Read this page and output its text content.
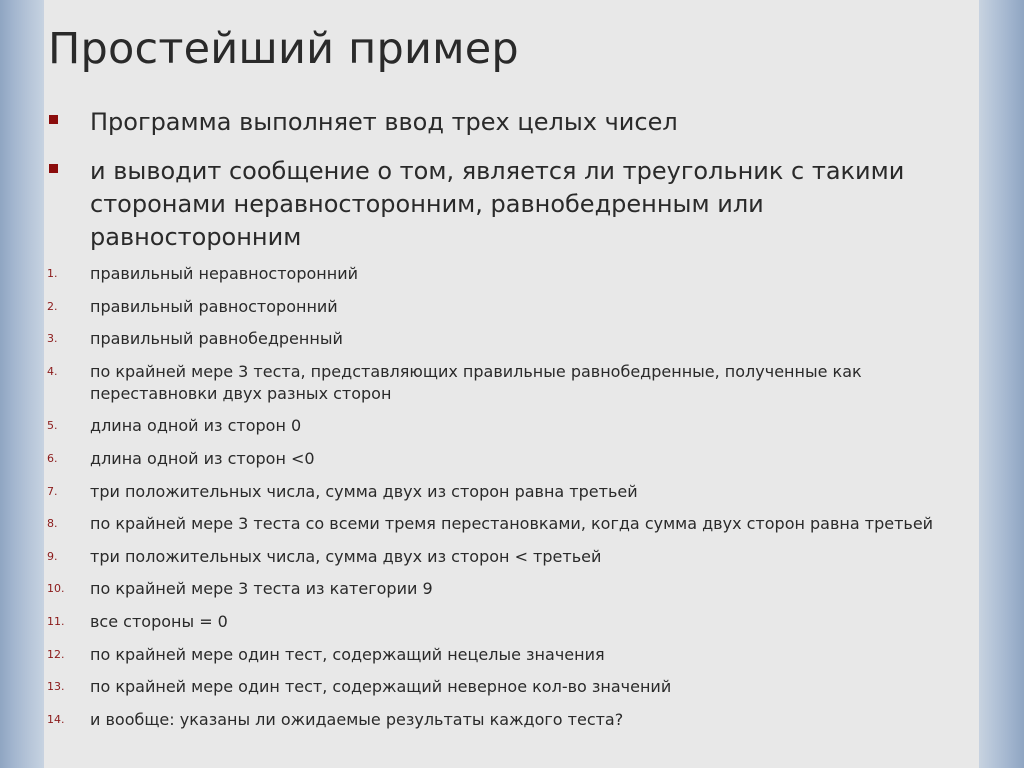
Простейший пример
Программа выполняет ввод трех целых чисел
и выводит сообщение о том, является ли треугольник с такими сторонами неравносторонним, равнобедренным или равносторонним
1. правильный неравносторонний
2. правильный равносторонний
3. правильный равнобедренный
4. по крайней мере 3 теста, представляющих правильные равнобедренные, полученные как переставновки двух разных сторон
5. длина одной из сторон 0
6. длина одной из сторон <0
7. три положительных числа, сумма двух из сторон равна третьей
8. по крайней мере 3 теста со всеми тремя перестановками, когда сумма двух сторон равна третьей
9. три положительных числа, сумма двух из сторон < третьей
10. по крайней мере 3 теста из категории 9
11. все стороны = 0
12. по крайней мере один тест, содержащий нецелые значения
13. по крайней мере один тест, содержащий неверное кол-во значений
14. и вообще: указаны ли ожидаемые результаты каждого теста?
